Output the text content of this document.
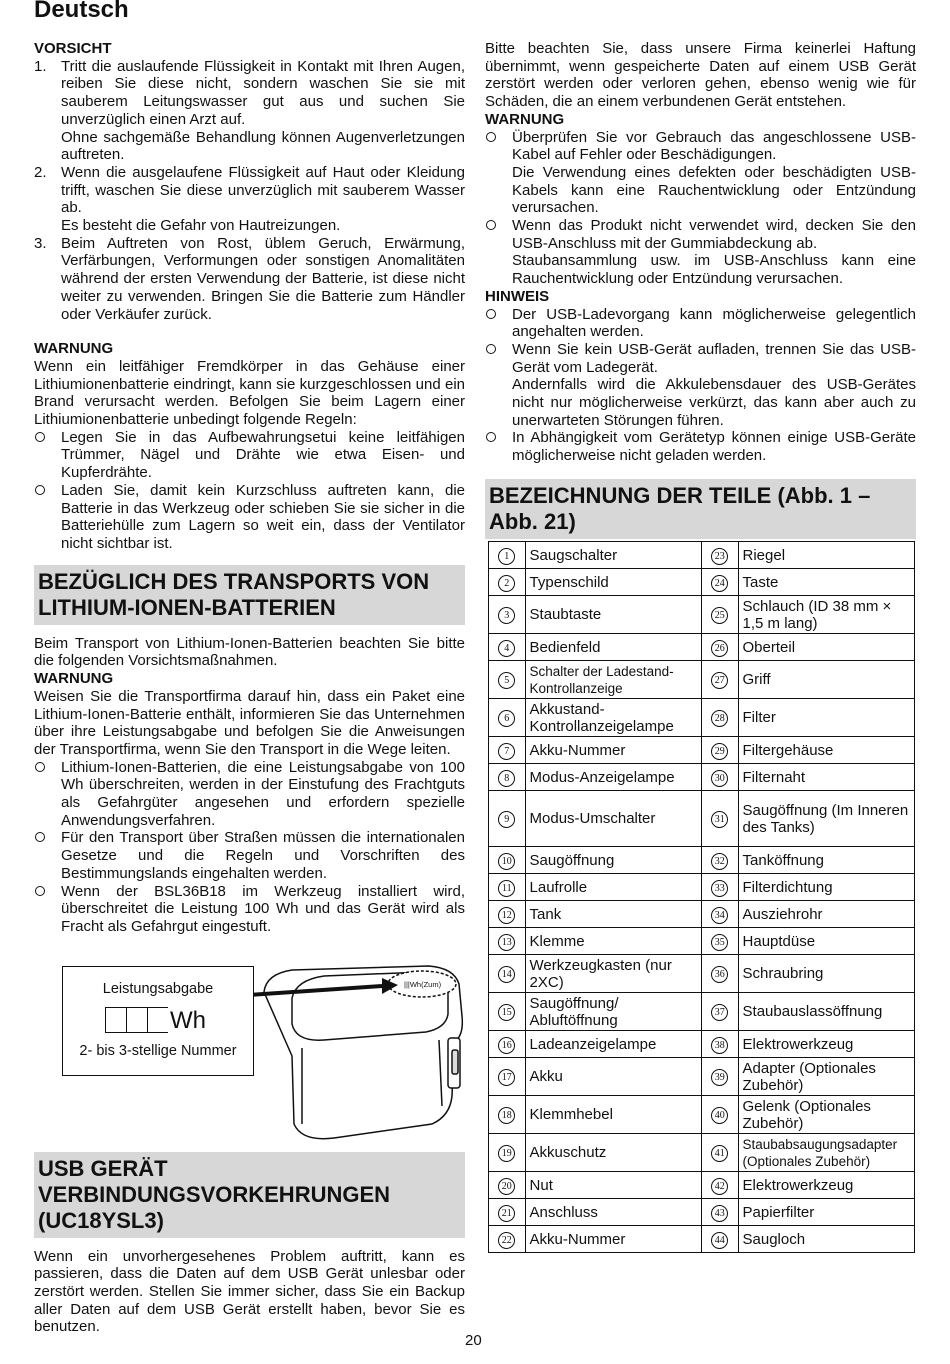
Deutsch
VORSICHT
1. Tritt die auslaufende Flüssigkeit in Kontakt mit Ihren Augen, reiben Sie diese nicht, sondern waschen Sie sie mit sauberem Leitungswasser gut aus und suchen Sie unverzüglich einen Arzt auf.

Ohne sachgemäße Behandlung können Augenverletzungen auftreten.

2. Wenn die ausgelaufene Flüssigkeit auf Haut oder Kleidung trifft, waschen Sie diese unverzüglich mit sauberem Wasser ab.

Es besteht die Gefahr von Hautreizungen.

3. Beim Auftreten von Rost, üblem Geruch, Erwärmung, Verfärbungen, Verformungen oder sonstigen Anomalitäten während der ersten Verwendung der Batterie, ist diese nicht weiter zu verwenden. Bringen Sie die Batterie zum Händler oder Verkäufer zurück.

WARNUNG

Wenn ein leitfähiger Fremdkörper in das Gehäuse einer Lithiumionenbatterie eindringt, kann sie kurzgeschlossen und ein Brand verursacht werden. Befolgen Sie beim Lagern einer Lithiumionenbatterie unbedingt folgende Regeln:

Legen Sie in das Aufbewahrungsetui keine leitfähigen Trümmer, Nägel und Drähte wie etwa Eisen- und Kupferdrähte.

Laden Sie, damit kein Kurzschluss auftreten kann, die Batterie in das Werkzeug oder schieben Sie sie sicher in die Batteriehülle zum Lagern so weit ein, dass der Ventilator nicht sichtbar ist.

BEZÜGLICH DES TRANSPORTS VON LITHIUM-IONEN-BATTERIEN

Beim Transport von Lithium-Ionen-Batterien beachten Sie bitte die folgenden Vorsichtsmaßnahmen.

WARNUNG

Weisen Sie die Transportfirma darauf hin, dass ein Paket eine Lithium-Ionen-Batterie enthält, informieren Sie das Unternehmen über ihre Leistungsabgabe und befolgen Sie die Anweisungen der Transportfirma, wenn Sie den Transport in die Wege leiten.

Lithium-Ionen-Batterien, die eine Leistungsabgabe von 100 Wh überschreiten, werden in der Einstufung des Frachtguts als Gefahrgüter angesehen und erfordern spezielle Anwendungsverfahren.

Für den Transport über Straßen müssen die internationalen Gesetze und die Regeln und Vorschriften des Bestimmungslands eingehalten werden.

Wenn der BSL36B18 im Werkzeug installiert wird, überschreitet die Leistung 100 Wh und das Gerät wird als Fracht als Gefahrgut eingestuft.

|||Wh(Zum)
Leistungsabgabe
Wh
2- bis 3-stellige Nummer
USB GERÄT VERBINDUNGSVORKEHRUNGEN (UC18YSL3)

Wenn ein unvorhergesehenes Problem auftritt, kann es passieren, dass die Daten auf dem USB Gerät unlesbar oder zerstört werden. Stellen Sie immer sicher, dass Sie ein Backup aller Daten auf dem USB Gerät erstellt haben, bevor Sie es benutzen.

Bitte beachten Sie, dass unsere Firma keinerlei Haftung übernimmt, wenn gespeicherte Daten auf einem USB Gerät zerstört werden oder verloren gehen, ebenso wenig wie für Schäden, die an einem verbundenen Gerät entstehen.

WARNUNG

Überprüfen Sie vor Gebrauch das angeschlossene USB-Kabel auf Fehler oder Beschädigungen.

Die Verwendung eines defekten oder beschädigten USB-Kabels kann eine Rauchentwicklung oder Entzündung verursachen.

Wenn das Produkt nicht verwendet wird, decken Sie den USB-Anschluss mit der Gummiabdeckung ab.

Staubansammlung usw. im USB-Anschluss kann eine Rauchentwicklung oder Entzündung verursachen.

HINWEIS

Der USB-Ladevorgang kann möglicherweise gelegentlich angehalten werden.

Wenn Sie kein USB-Gerät aufladen, trennen Sie das USB-Gerät vom Ladegerät.

Andernfalls wird die Akkulebensdauer des USB-Gerätes nicht nur möglicherweise verkürzt, das kann aber auch zu unerwarteten Störungen führen.

In Abhängigkeit vom Gerätetyp können einige USB-Geräte möglicherweise nicht geladen werden.

BEZEICHNUNG DER TEILE (Abb. 1 – Abb. 21)
1	Saugschalter	23	Riegel
2	Typenschild	24	Taste
3	Staubtaste	25	Schlauch (ID 38 mm × 1,5 m lang)
4	Bedienfeld	26	Oberteil
5	Schalter der Ladestand-Kontrollanzeige	27	Griff
6	Akkustand-Kontrollanzeigelampe	28	Filter
7	Akku-Nummer	29	Filtergehäuse
8	Modus-Anzeigelampe	30	Filternaht
9	Modus-Umschalter	31	Saugöffnung (Im Inneren des Tanks)
10	Saugöffnung	32	Tanköffnung
11	Laufrolle	33	Filterdichtung
12	Tank	34	Ausziehrohr
13	Klemme	35	Hauptdüse
14	Werkzeugkasten (nur 2XC)	36	Schraubring
15	Saugöffnung/ Abluftöffnung	37	Staubauslassöffnung
16	Ladeanzeigelampe	38	Elektrowerkzeug
17	Akku	39	Adapter (Optionales Zubehör)
18	Klemmhebel	40	Gelenk (Optionales Zubehör)
19	Akkuschutz	41	Staubabsaugungsadapter (Optionales Zubehör)
20	Nut	42	Elektrowerkzeug
21	Anschluss	43	Papierfilter
22	Akku-Nummer	44	Saugloch
20
